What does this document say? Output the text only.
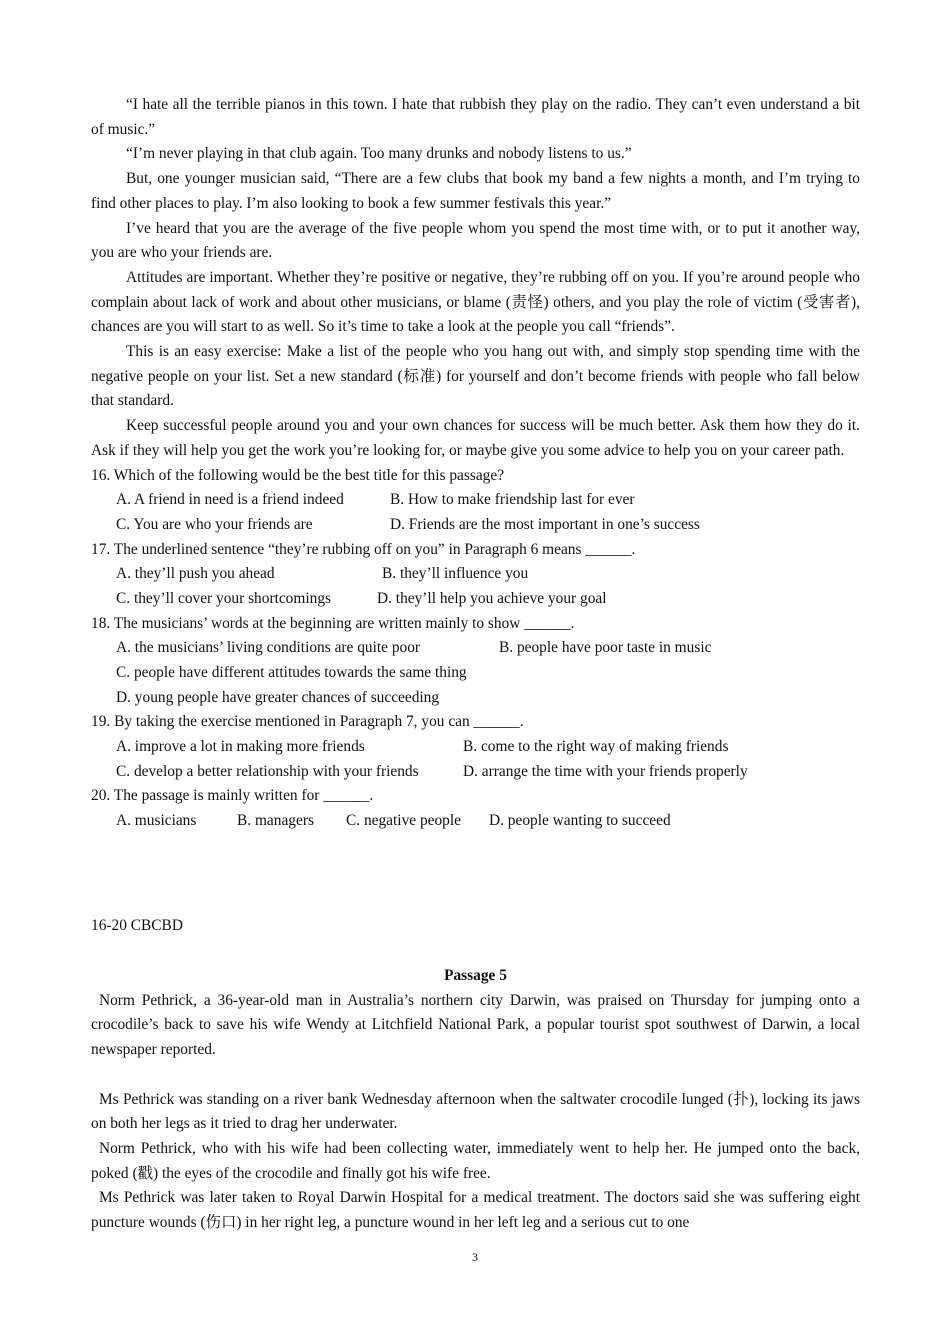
“I hate all the terrible pianos in this town. I hate that rubbish they play on the radio. They can’t even understand a bit of music.”

“I’m never playing in that club again. Too many drunks and nobody listens to us.”

But, one younger musician said, “There are a few clubs that book my band a few nights a month, and I’m trying to find other places to play. I’m also looking to book a few summer festivals this year.”

I’ve heard that you are the average of the five people whom you spend the most time with, or to put it another way, you are who your friends are.

Attitudes are important. Whether they’re positive or negative, they’re rubbing off on you. If you’re around people who complain about lack of work and about other musicians, or blame (责怪) others, and you play the role of victim (受害者), chances are you will start to as well. So it’s time to take a look at the people you call “friends”.

This is an easy exercise: Make a list of the people who you hang out with, and simply stop spending time with the negative people on your list. Set a new standard (标准) for yourself and don’t become friends with people who fall below that standard.

Keep successful people around you and your own chances for success will be much better. Ask them how they do it. Ask if they will help you get the work you’re looking for, or maybe give you some advice to help you on your career path.

16. Which of the following would be the best title for this passage?
A. A friend in need is a friend indeed	B. How to make friendship last for ever
C. You are who your friends are	D. Friends are the most important in one’s success
17. The underlined sentence “they’re rubbing off on you” in Paragraph 6 means ______.
A. they’ll push you ahead	B. they’ll influence you
C. they’ll cover your shortcomings	D. they’ll help you achieve your goal
18. The musicians’ words at the beginning are written mainly to show ______.
A. the musicians’ living conditions are quite poor	B. people have poor taste in music
C. people have different attitudes towards the same thing
D. young people have greater chances of succeeding
19. By taking the exercise mentioned in Paragraph 7, you can ______.
A. improve a lot in making more friends	B. come to the right way of making friends
C. develop a better relationship with your friends	D. arrange the time with your friends properly
20. The passage is mainly written for ______.
A. musicians	B. managers C. negative people D. people wanting to succeed
16-20 CBCBD

Passage 5

Norm Pethrick, a 36-year-old man in Australia’s northern city Darwin, was praised on Thursday for jumping onto a crocodile’s back to save his wife Wendy at Litchfield National Park, a popular tourist spot southwest of Darwin, a local newspaper reported.

Ms Pethrick was standing on a river bank Wednesday afternoon when the saltwater crocodile lunged (扑), locking its jaws on both her legs as it tried to drag her underwater.

Norm Pethrick, who with his wife had been collecting water, immediately went to help her. He jumped onto the back, poked (戳) the eyes of the crocodile and finally got his wife free.

Ms Pethrick was later taken to Royal Darwin Hospital for a medical treatment. The doctors said she was suffering eight puncture wounds (伤口) in her right leg, a puncture wound in her left leg and a serious cut to one

3
